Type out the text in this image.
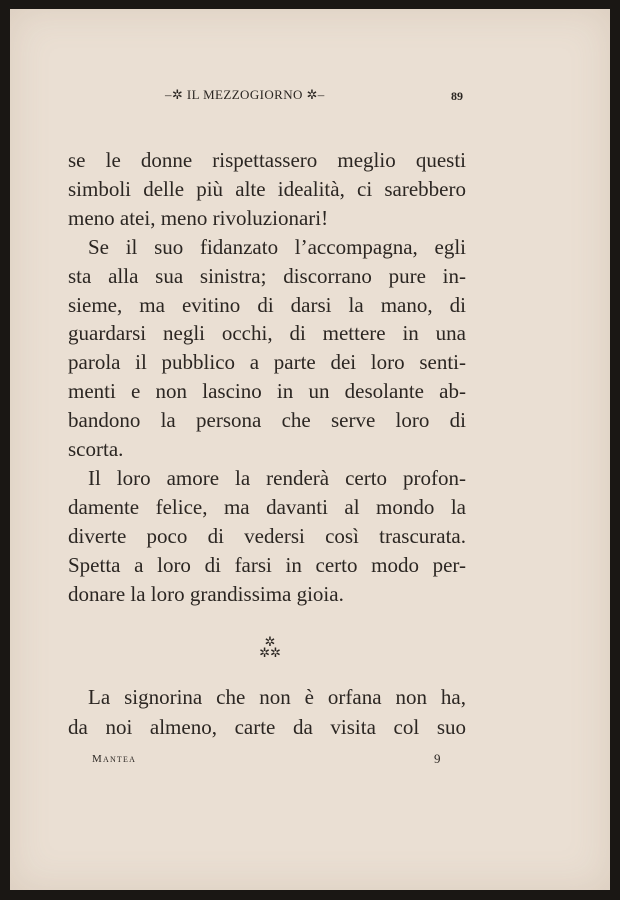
–✲ IL MEZZOGIORNO ✲–	89
se le donne rispettassero meglio questi
simboli delle più alte idealità, ci sarebbero
meno atei, meno rivoluzionari!
Se il suo fidanzato l’accompagna, egli
sta alla sua sinistra; discorrano pure in-
sieme, ma evitino di darsi la mano, di
guardarsi negli occhi, di mettere in una
parola il pubblico a parte dei loro senti-
menti e non lascino in un desolante ab-
bandono la persona che serve loro di
scorta.
Il loro amore la renderà certo profon-
damente felice, ma davanti al mondo la
diverte poco di vedersi così trascurata.
Spetta a loro di farsi in certo modo per-
donare la loro grandissima gioia.
✲
✲✲
La signorina che non è orfana non ha,
da noi almeno, carte da visita col suo
Mantea	9
